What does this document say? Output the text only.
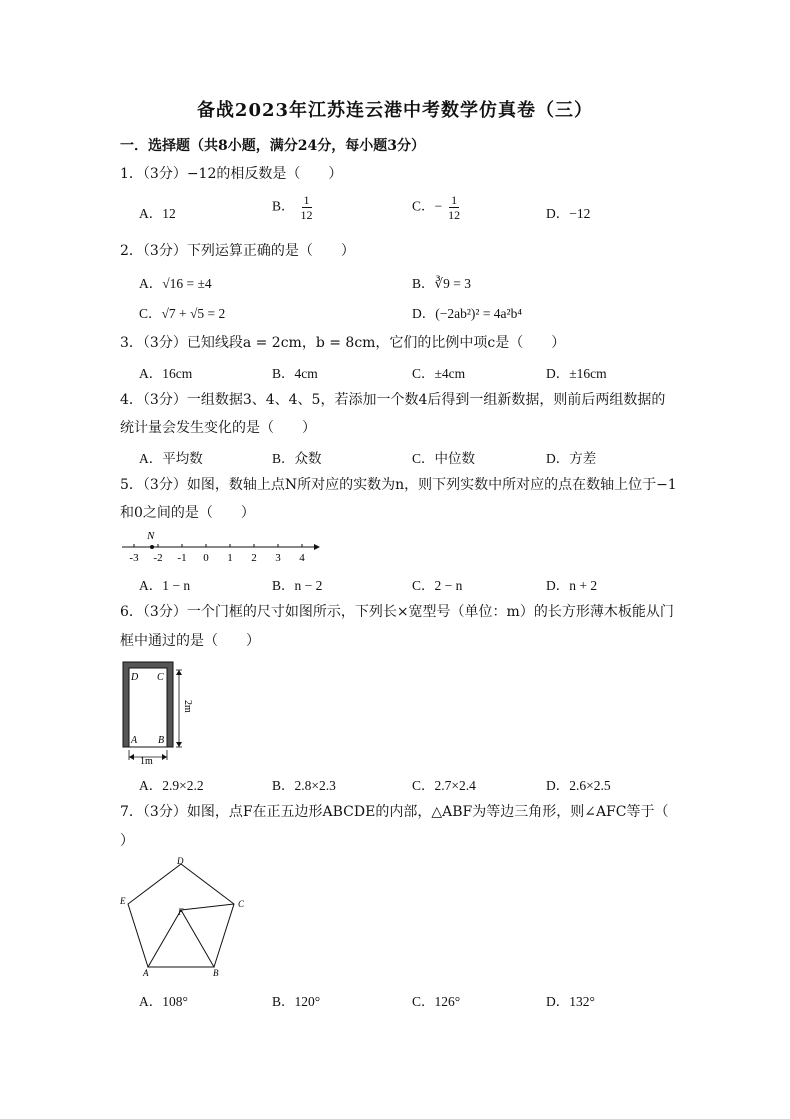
备战2023年江苏连云港中考数学仿真卷（三）
一．选择题（共8小题，满分24分，每小题3分）
1．（3分）−12的相反数是（　　）
A．12	B． $\frac{1}{12}$	C．− $\frac{1}{12}$	D．−12
2．（3分）下列运算正确的是（　　）
A．√16 = ±4	B．∛9 = 3
C．√7 + √5 = 2	D．(−2ab²)² = 4a²b⁴
3．（3分）已知线段a = 2cm，b = 8cm，它们的比例中项c是（　　）
A．16cm	B．4cm	C．±4cm	D．±16cm
4．（3分）一组数据3、4、4、5，若添加一个数4后得到一组新数据，则前后两组数据的
统计量会发生变化的是（　　）
A．平均数	B．众数	C．中位数	D．方差
5．（3分）如图，数轴上点N所对应的实数为n，则下列实数中所对应的点在数轴上位于−1
和0之间的是（　　）
-3 -2 -1 0 1 2 3 4
N
A．1 − n	B．n − 2	C．2 − n	D．n + 2
6．（3分）一个门框的尺寸如图所示，下列长×宽型号（单位：m）的长方形薄木板能从门
框中通过的是（　　）
D C
A B
2m
1m
A．2.9×2.2	B．2.8×2.3	C．2.7×2.4	D．2.6×2.5
7．（3分）如图，点F在正五边形ABCDE的内部，△ABF为等边三角形，则∠AFC等于（
）
D
E	C
F
A	B
A．108°	B．120°	C．126°	D．132°
